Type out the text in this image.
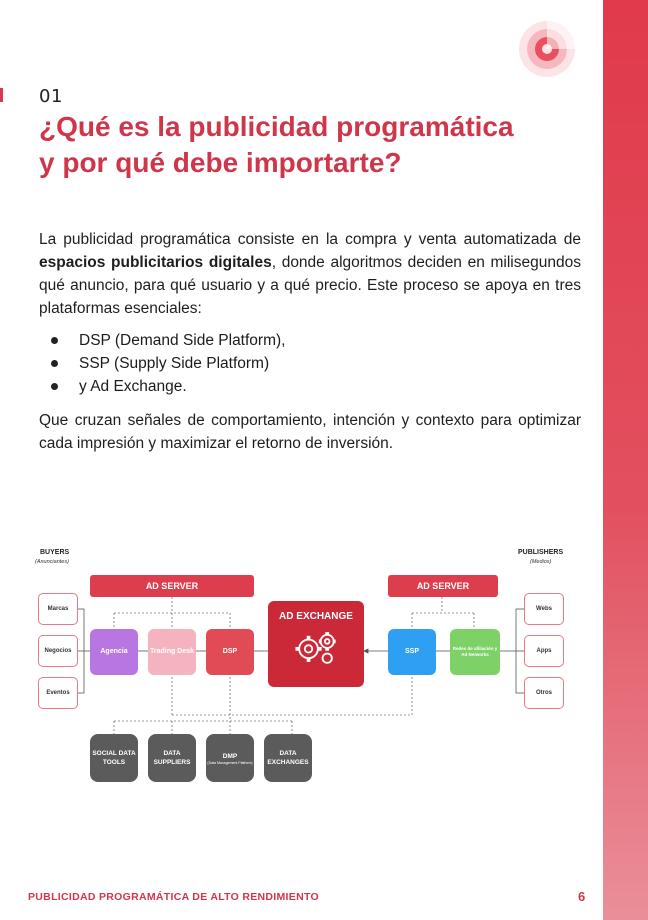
01
¿Qué es la publicidad programática
y por qué debe importarte?

La publicidad programática consiste en la compra y venta automatizada de espacios publicitarios digitales, donde algoritmos deciden en milisegundos qué anuncio, para qué usuario y a qué precio. Este proceso se apoya en tres plataformas esenciales:

DSP (Demand Side Platform),
SSP (Supply Side Platform)
y Ad Exchange.

Que cruzan señales de comportamiento, intención y contexto para optimizar cada impresión y maximizar el retorno de inversión.

BUYERS
(Anunciantes)
PUBLISHERS
(Medios)
AD SERVER	AD SERVER
Marcas
Negocios
Eventos
Agencia	Trading Desk	DSP
AD EXCHANGE
SSP	Redes de afiliación y Ad Networks
Webs
Apps
Otros
SOCIAL DATA TOOLS
DATA SUPPLIERS
DMP
(Data Management Platform)
DATA EXCHANGES
PUBLICIDAD PROGRAMÁTICA DE ALTO RENDIMIENTO	6
